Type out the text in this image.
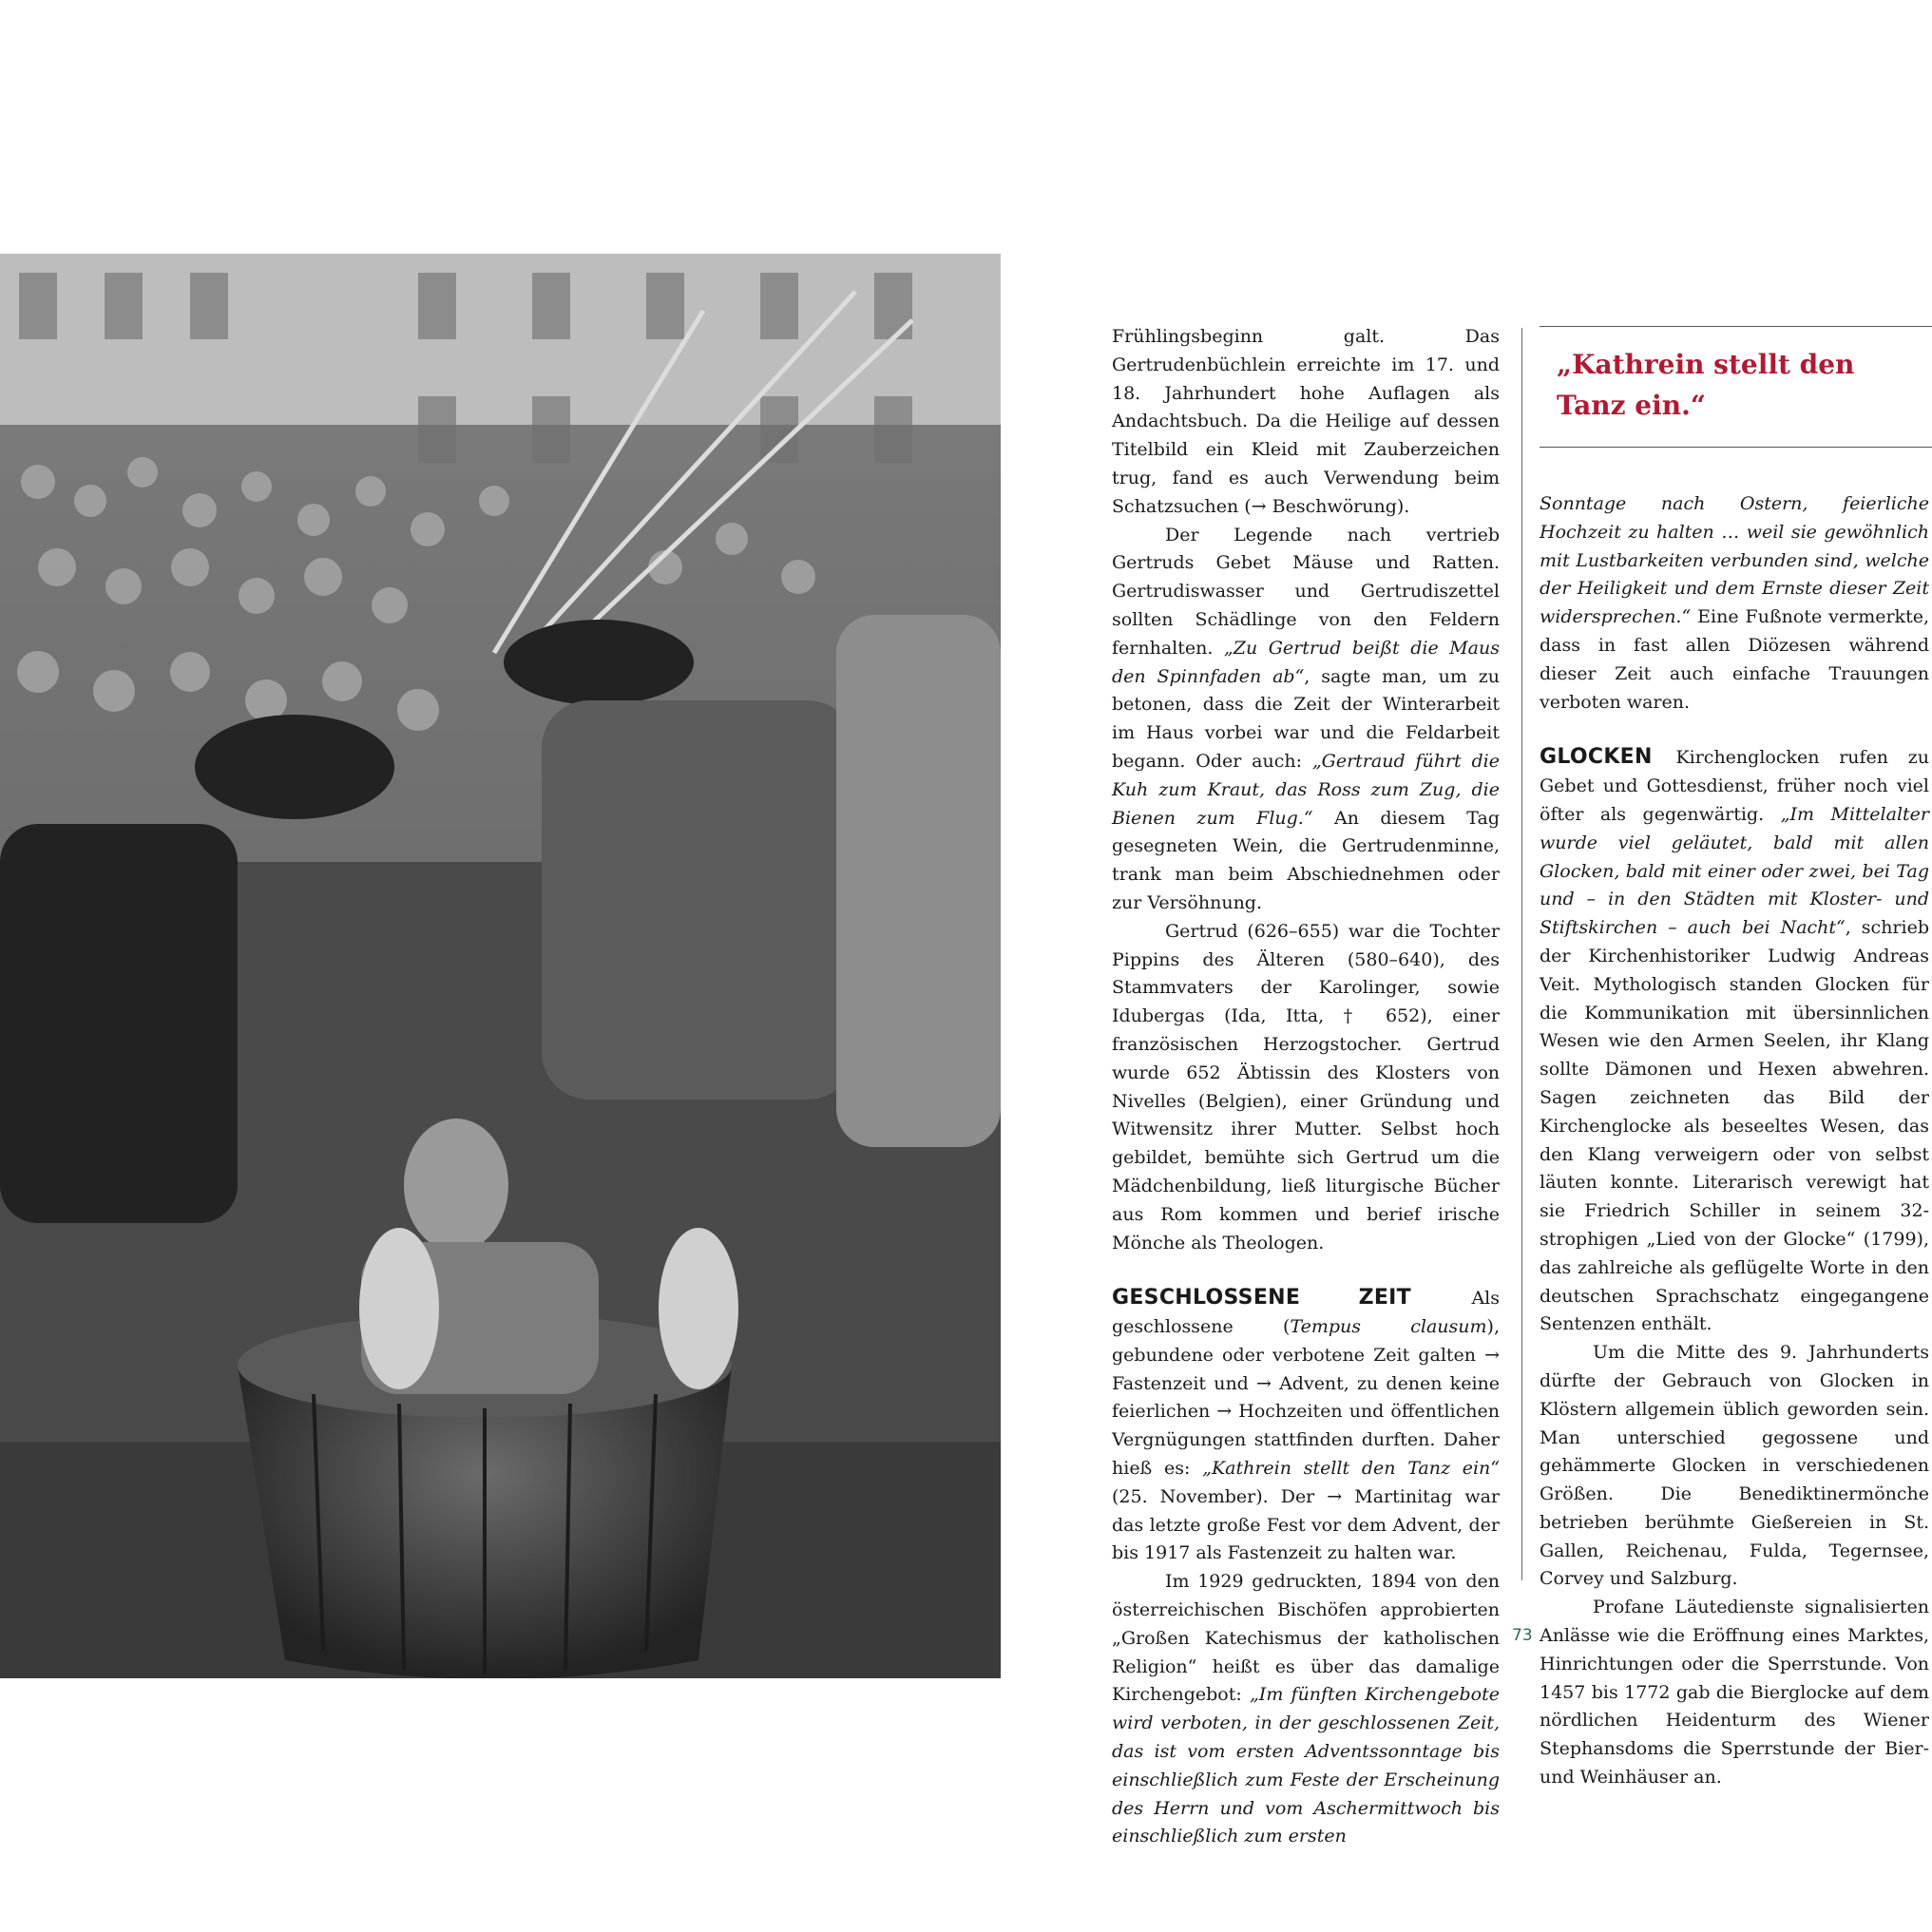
Frühlingsbeginn galt. Das Gertrudenbüchlein erreichte im 17. und 18. Jahrhundert hohe Auflagen als Andachtsbuch. Da die Heilige auf dessen Titelbild ein Kleid mit Zauberzeichen trug, fand es auch Verwendung beim Schatzsuchen (→ Beschwörung).

Der Legende nach vertrieb Gertruds Gebet Mäuse und Ratten. Gertrudiswasser und Gertrudiszettel sollten Schädlinge von den Feldern fernhalten. „Zu Gertrud beißt die Maus den Spinnfaden ab“, sagte man, um zu betonen, dass die Zeit der Winterarbeit im Haus vorbei war und die Feldarbeit begann. Oder auch: „Gertraud führt die Kuh zum Kraut, das Ross zum Zug, die Bienen zum Flug.“ An diesem Tag gesegneten Wein, die Gertrudenminne, trank man beim Abschiednehmen oder zur Versöhnung.

Gertrud (626–655) war die Tochter Pippins des Älteren (580–640), des Stammvaters der Karolinger, sowie Idubergas (Ida, Itta, † 652), einer französischen Herzogstocher. Gertrud wurde 652 Äbtissin des Klosters von Nivelles (Belgien), einer Gründung und Witwensitz ihrer Mutter. Selbst hoch gebildet, bemühte sich Gertrud um die Mädchenbildung, ließ liturgische Bücher aus Rom kommen und berief irische Mönche als Theologen.

GESCHLOSSENE ZEIT Als geschlossene (Tempus clausum), gebundene oder verbotene Zeit galten → Fastenzeit und → Advent, zu denen keine feierlichen → Hochzeiten und öffentlichen Vergnügungen stattfinden durften. Daher hieß es: „Kathrein stellt den Tanz ein“ (25. November). Der → Martinitag war das letzte große Fest vor dem Advent, der bis 1917 als Fastenzeit zu halten war.

Im 1929 gedruckten, 1894 von den österreichischen Bischöfen approbierten „Großen Katechismus der katholischen Religion“ heißt es über das damalige Kirchengebot: „Im fünften Kirchengebote wird verboten, in der geschlossenen Zeit, das ist vom ersten Adventssonntage bis einschließlich zum Feste der Erscheinung des Herrn und vom Aschermittwoch bis einschließlich zum ersten

„Kathrein stellt den Tanz ein.“

Sonntage nach Ostern, feierliche Hochzeit zu halten … weil sie gewöhnlich mit Lustbarkeiten verbunden sind, welche der Heiligkeit und dem Ernste dieser Zeit widersprechen.“ Eine Fußnote vermerkte, dass in fast allen Diözesen während dieser Zeit auch einfache Trauungen verboten waren.

GLOCKEN Kirchenglocken rufen zu Gebet und Gottesdienst, früher noch viel öfter als gegenwärtig. „Im Mittelalter wurde viel geläutet, bald mit allen Glocken, bald mit einer oder zwei, bei Tag und – in den Städten mit Kloster- und Stiftskirchen – auch bei Nacht“, schrieb der Kirchenhistoriker Ludwig Andreas Veit. Mythologisch standen Glocken für die Kommunikation mit übersinnlichen Wesen wie den Armen Seelen, ihr Klang sollte Dämonen und Hexen abwehren. Sagen zeichneten das Bild der Kirchenglocke als beseeltes Wesen, das den Klang verweigern oder von selbst läuten konnte. Literarisch verewigt hat sie Friedrich Schiller in seinem 32-strophigen „Lied von der Glocke“ (1799), das zahlreiche als geflügelte Worte in den deutschen Sprachschatz eingegangene Sentenzen enthält.

Um die Mitte des 9. Jahrhunderts dürfte der Gebrauch von Glocken in Klöstern allgemein üblich geworden sein. Man unterschied gegossene und gehämmerte Glocken in verschiedenen Größen. Die Benediktinermönche betrieben berühmte Gießereien in St. Gallen, Reichenau, Fulda, Tegernsee, Corvey und Salzburg.

Profane Läutedienste signalisierten Anlässe wie die Eröffnung eines Marktes, Hinrichtungen oder die Sperrstunde. Von 1457 bis 1772 gab die Bierglocke auf dem nördlichen Heidenturm des Wiener Stephansdoms die Sperrstunde der Bier- und Weinhäuser an.

73
